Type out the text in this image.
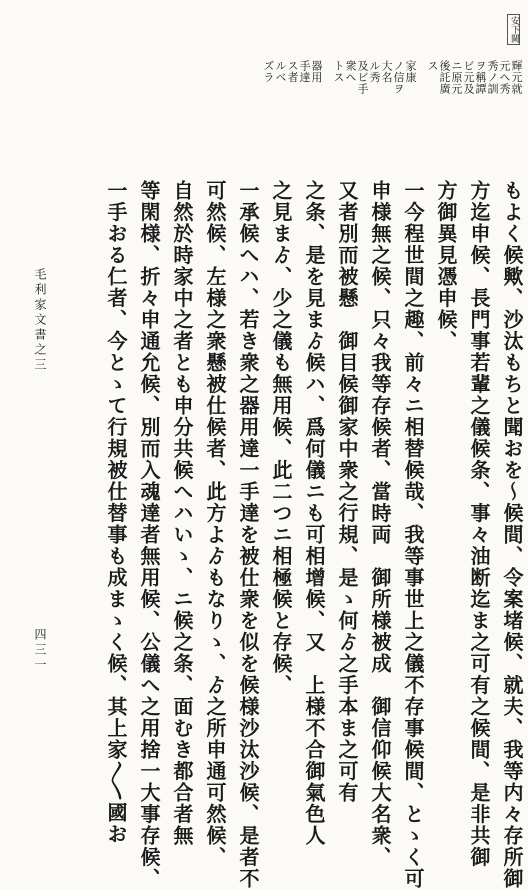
輝元就
元ヘ秀
秀ノ訓
ヲ稱譚
ビ元及
ニ原元
後託廣
ス
家康
ノ信ヲ
大名
ル秀
及ビ手
衆ヘ
トス
器用
手達
ス者
ルベ
ズラ
安下闕
もよく候歟、沙汰もちと聞おを～候間、令案堵候、就夫、我等内々存所御
方迄申候、長門事若輩之儀候条、事々油断迄ま之可有之候間、是非共御
方御異見憑申候、
一今程世間之趣、前々ニ相替候哉、我等事世上之儀不存事候間、とゝく可
申様無之候、只々我等存候者、當時両　御所様被成　御信仰候大名衆、
又者別而被懸　御目候御家中衆之行規、是ゝ何ゟ之手本ま之可有
之条、是を見まゟ候ハ、爲何儀ニも可相增候、又　上様不合御氣色人
之見まゟ、少之儀も無用候、此二つニ相極候と存候、
一承候へハ、若き衆之器用達一手達を被仕衆を似を候様沙汰沙候、是者不
可然候、左様之衆懸被仕候者、此方よゟもなりゝ、ゟ之所申通可然候、
自然於時家中之者とも申分共候へハいゝ、ニ候之条、面むき都合者無
等閑様、折々申通允候、別而入魂達者無用候、公儀へ之用捨一大事存候、
一手おる仁者、今とゝて行規被仕替事も成まゝく候、其上家〳〵國お
毛利家文書之三
四三一
